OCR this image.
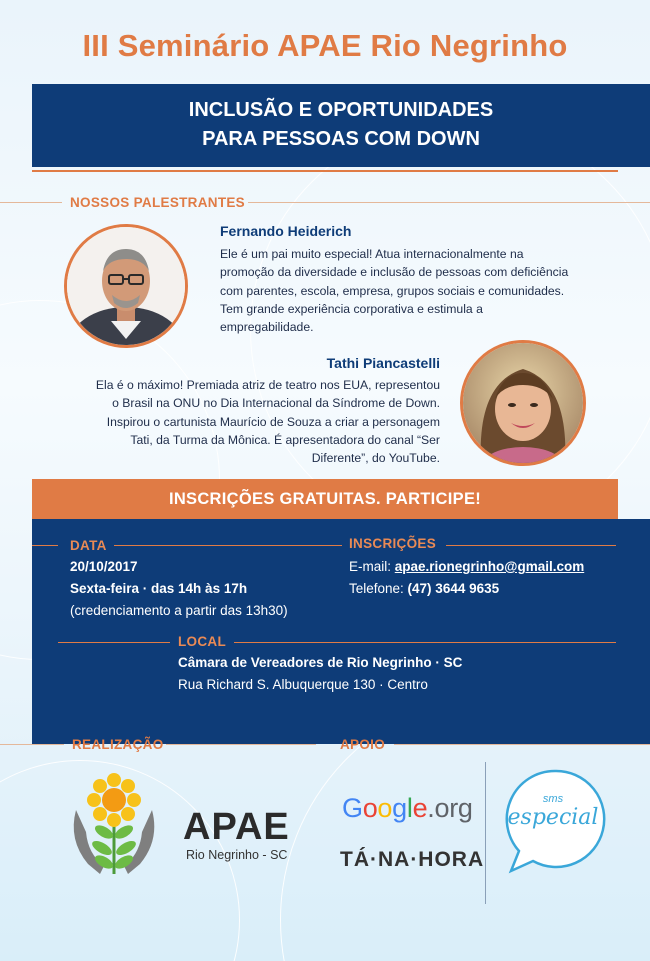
III Seminário APAE Rio Negrinho
INCLUSÃO E OPORTUNIDADES
PARA PESSOAS COM DOWN
NOSSOS PALESTRANTES
Fernando Heiderich
Ele é um pai muito especial! Atua internacionalmente na
promoção da diversidade e inclusão de pessoas com deficiência
com parentes, escola, empresa, grupos sociais e comunidades.
Tem grande experiência corporativa e estimula a
empregabilidade.
Tathi Piancastelli
Ela é o máximo! Premiada atriz de teatro nos EUA, representou
o Brasil na ONU no Dia Internacional da Síndrome de Down.
Inspirou o cartunista Maurício de Souza a criar a personagem
Tati, da Turma da Mônica. É apresentadora do canal “Ser
Diferente”, do YouTube.
INSCRIÇÕES GRATUITAS. PARTICIPE!
DATA	INSCRIÇÕES
20/10/2017
Sexta-feira · das 14h às 17h
(credenciamento a partir das 13h30)
E-mail: apae.rionegrinho@gmail.com
Telefone: (47) 3644 9635
LOCAL
Câmara de Vereadores de Rio Negrinho · SC
Rua Richard S. Albuquerque 130 · Centro
REALIZAÇÃO	APOIO
APAE
Rio Negrinho - SC
Google.org
TÁ·NA·HORA
sms
especial
